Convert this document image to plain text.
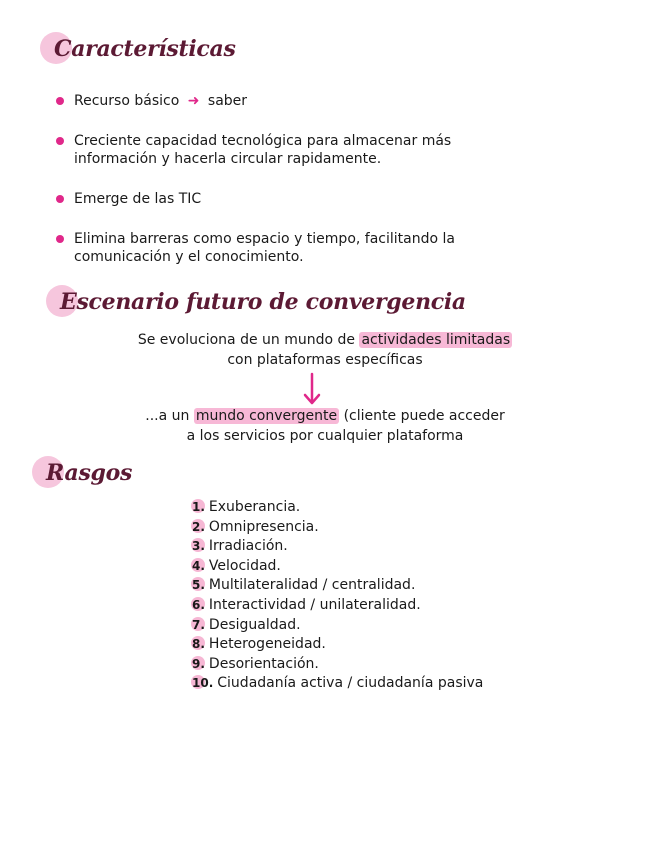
Características
Recurso básico ➜ saber
Creciente capacidad tecnológica para almacenar más información y hacerla circular rapidamente.
Emerge de las TIC
Elimina barreras como espacio y tiempo, facilitando la comunicación y el conocimiento.
Escenario futuro de convergencia
Se evoluciona de un mundo de actividades limitadas
con plataformas específicas
...a un mundo convergente (cliente puede acceder
a los servicios por cualquier plataforma
Rasgos
1. Exuberancia.
2. Omnipresencia.
3. Irradiación.
4. Velocidad.
5. Multilateralidad / centralidad.
6. Interactividad / unilateralidad.
7. Desigualdad.
8. Heterogeneidad.
9. Desorientación.
10. Ciudadanía activa / ciudadanía pasiva
